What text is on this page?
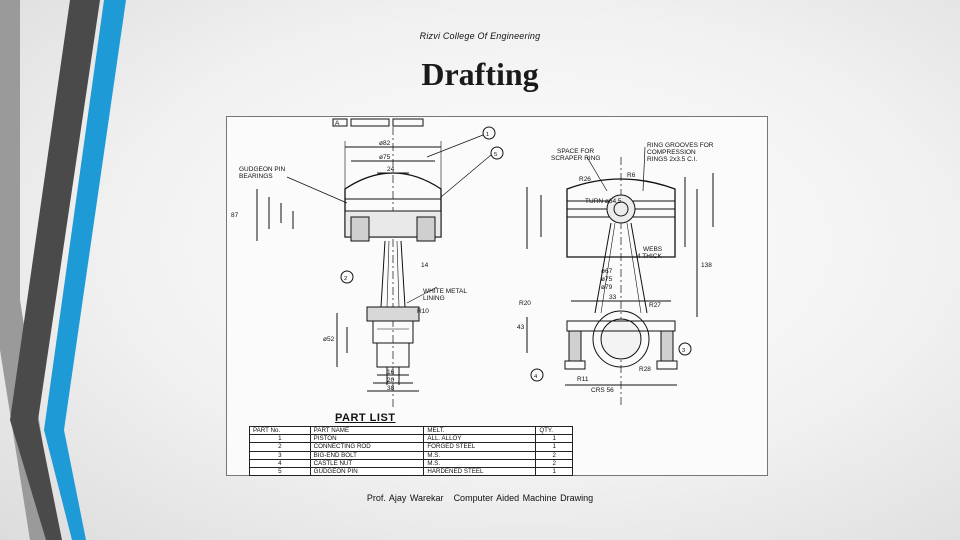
Rizvi College Of Engineering
Drafting
GUDGEON PIN
BEARINGS
A
ø82
ø75
24
87
14
R10
WHITE METAL
LINING
ø52
16
20
38
1
5
2
4
3
SPACE FOR
SCRAPER RING
RING GROOVES FOR
COMPRESSION
RINGS 2x3.5 C.I.
R26
R6
TURN ø64.5
WEBS
4 THICK
ø67
ø75
ø79
138
33
R20	R27
43
R28
R11
CRS 56
PART LIST
PART No.	PART NAME	MELT.	QTY.
1	PISTON	ALL. ALLOY	1
2	CONNECTING ROD	FORGED STEEL	1
3	BIG-END BOLT	M.S.	2
4	CASTLE NUT	M.S.	2
5	GUDGEON PIN	HARDENED STEEL	1
Prof. Ajay Warekar Computer Aided Machine Drawing
